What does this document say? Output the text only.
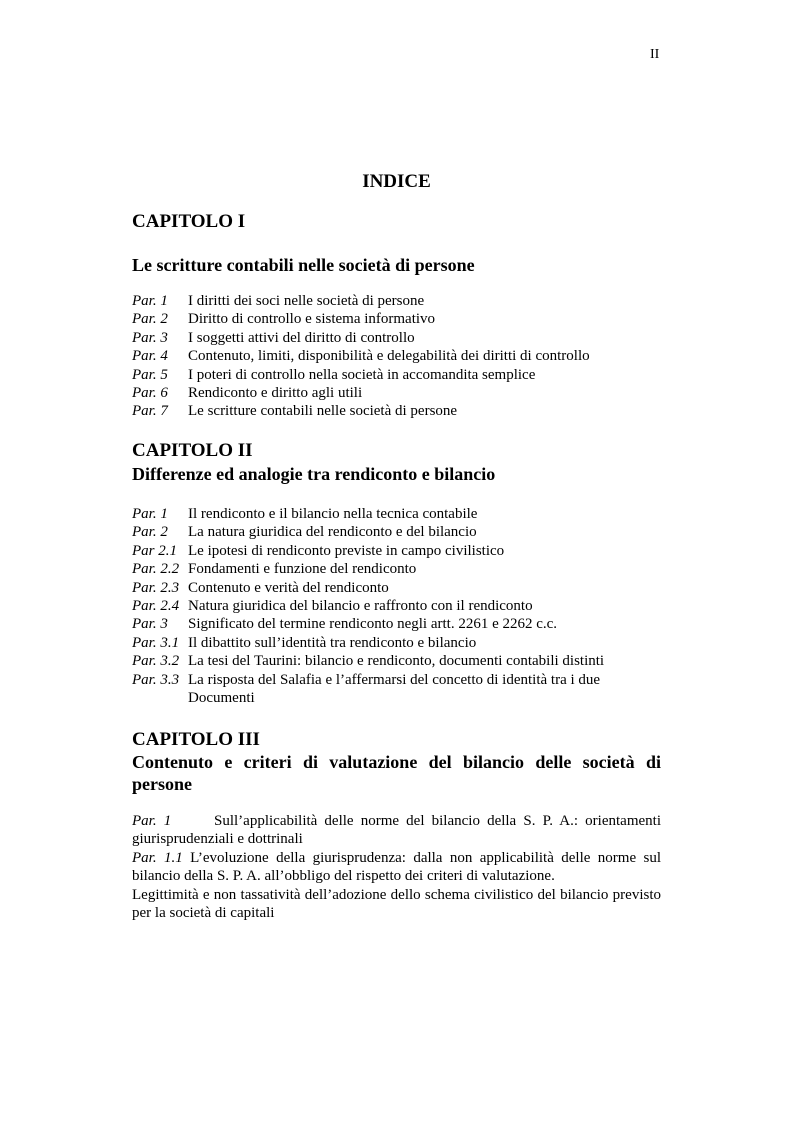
II
INDICE
CAPITOLO I
Le scritture contabili nelle società di persone
Par. 1	I diritti dei soci nelle società di persone
Par. 2	Diritto di controllo e sistema informativo
Par. 3	I soggetti attivi del diritto di controllo
Par. 4	Contenuto, limiti, disponibilità e delegabilità dei diritti di controllo
Par. 5	I poteri di controllo nella società in accomandita semplice
Par. 6	Rendiconto e diritto agli utili
Par. 7	Le scritture contabili nelle società di persone
CAPITOLO II
Differenze ed analogie tra rendiconto e bilancio
Par. 1	Il rendiconto e il bilancio nella tecnica contabile
Par. 2	La natura giuridica del rendiconto e del bilancio
Par 2.1 Le ipotesi di rendiconto previste in campo civilistico
Par. 2.2 Fondamenti e funzione del rendiconto
Par. 2.3 Contenuto e verità del rendiconto
Par. 2.4 Natura giuridica del bilancio e raffronto con il rendiconto
Par. 3	Significato del termine rendiconto negli artt. 2261 e 2262 c.c.
Par. 3.1 Il dibattito sull’identità tra rendiconto e bilancio
Par. 3.2 La tesi del Taurini: bilancio e rendiconto, documenti contabili distinti
Par. 3.3 La risposta del Salafia e l’affermarsi del concetto di identità tra i due
Documenti
CAPITOLO III
Contenuto e criteri di valutazione del bilancio delle società di persone
Par. 1      Sull’applicabilità delle norme del bilancio della S. P. A.: orientamenti giurisprudenziali e dottrinali
Par. 1.1 L’evoluzione della giurisprudenza: dalla non applicabilità delle norme sul bilancio della S. P. A. all’obbligo del rispetto dei criteri di valutazione.
Legittimità e non tassatività dell’adozione dello schema civilistico del bilancio previsto per la società di capitali
